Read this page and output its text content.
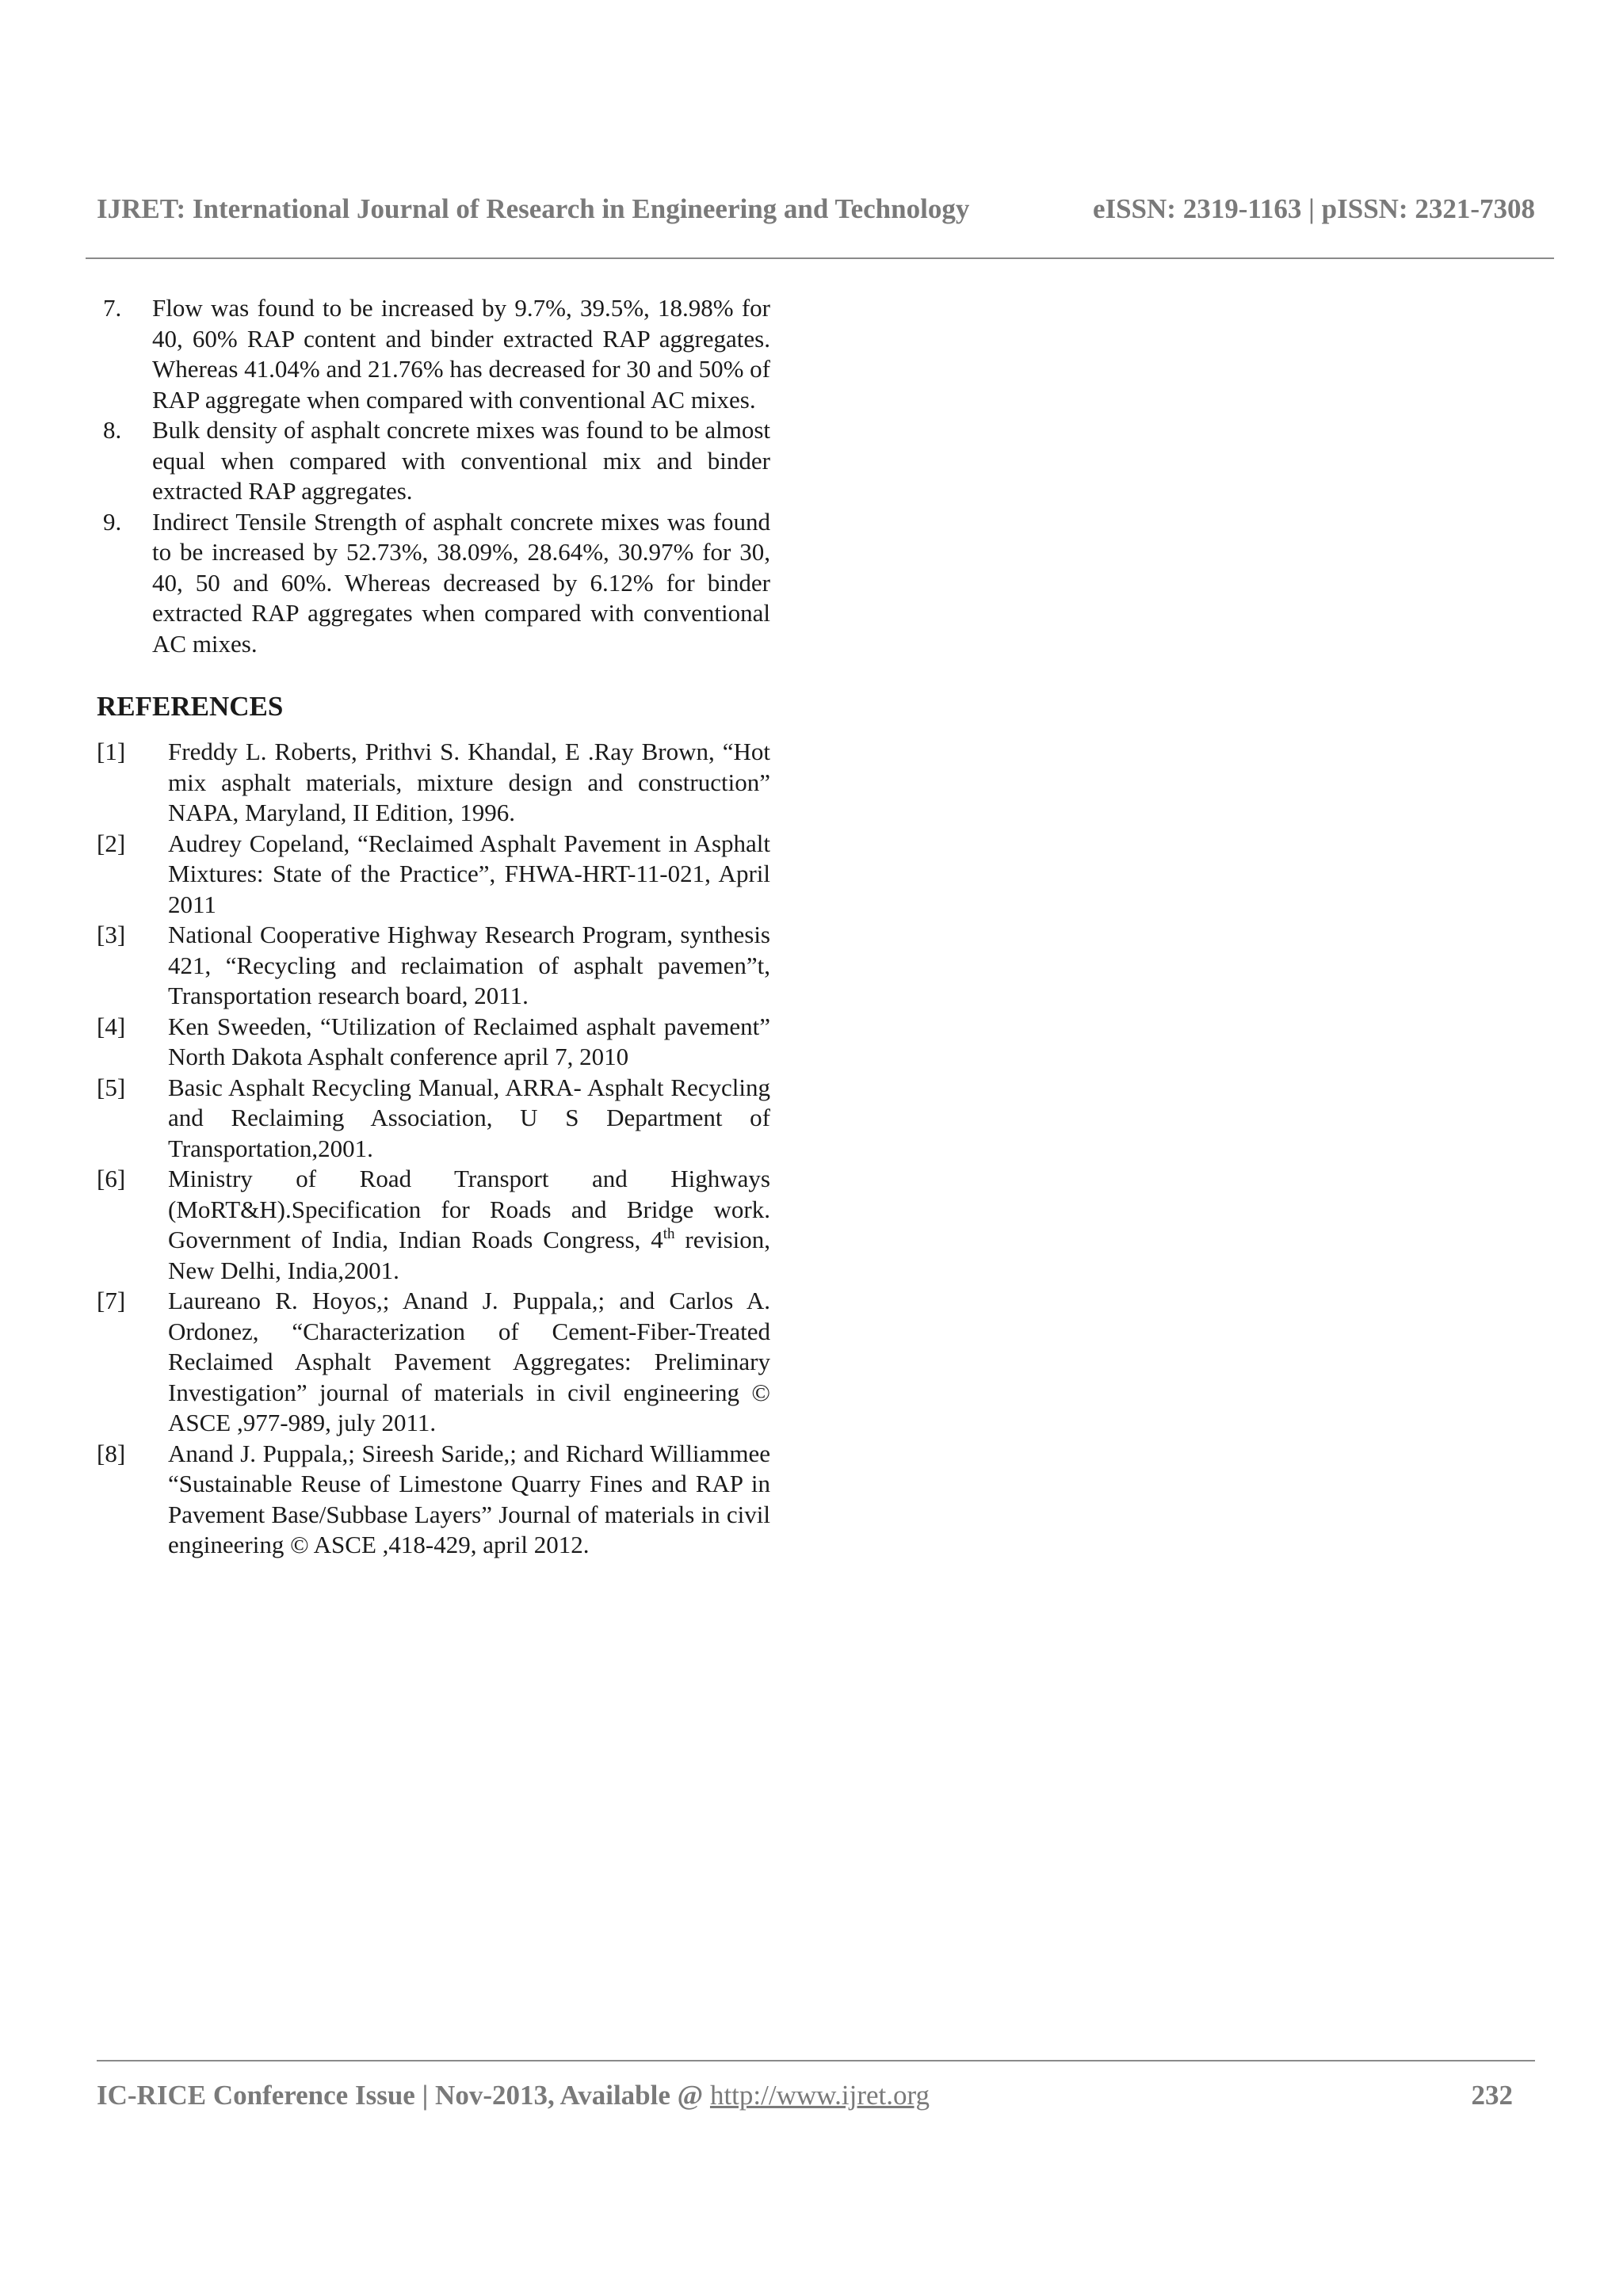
IJRET: International Journal of Research in Engineering and Technology	eISSN: 2319-1163 | pISSN: 2321-7308
7.	Flow was found to be increased by 9.7%, 39.5%, 18.98% for 40, 60% RAP content and binder extracted RAP aggregates. Whereas 41.04% and 21.76% has decreased for 30 and 50% of RAP aggregate when compared with conventional AC mixes.
8.	Bulk density of asphalt concrete mixes was found to be almost equal when compared with conventional mix and binder extracted RAP aggregates.
9.	Indirect Tensile Strength of asphalt concrete mixes was found to be increased by 52.73%, 38.09%, 28.64%, 30.97% for 30, 40, 50 and 60%. Whereas decreased by 6.12% for binder extracted RAP aggregates when compared with conventional AC mixes.
REFERENCES
[1]	Freddy L. Roberts, Prithvi S. Khandal, E .Ray Brown, “Hot mix asphalt materials, mixture design and construction” NAPA, Maryland, II Edition, 1996.
[2]	Audrey Copeland, “Reclaimed Asphalt Pavement in Asphalt Mixtures: State of the Practice”, FHWA-HRT-11-021, April 2011
[3]	National Cooperative Highway Research Program, synthesis 421, “Recycling and reclaimation of asphalt pavemen”t, Transportation research board, 2011.
[4]	Ken Sweeden, “Utilization of Reclaimed asphalt pavement” North Dakota Asphalt conference april 7, 2010
[5]	Basic Asphalt Recycling Manual, ARRA- Asphalt Recycling and Reclaiming Association, U S Department of Transportation,2001.
[6]	Ministry of Road Transport and Highways (MoRT&H).Specification for Roads and Bridge work. Government of India, Indian Roads Congress, 4th revision, New Delhi, India,2001.
[7]	Laureano R. Hoyos,; Anand J. Puppala,; and Carlos A. Ordonez, “Characterization of Cement-Fiber-Treated Reclaimed Asphalt Pavement Aggregates: Preliminary Investigation” journal of materials in civil engineering © ASCE ,977-989, july 2011.
[8]	Anand J. Puppala,; Sireesh Saride,; and Richard Williammee “Sustainable Reuse of Limestone Quarry Fines and RAP in Pavement Base/Subbase Layers” Journal of materials in civil engineering © ASCE ,418-429, april 2012.
IC-RICE Conference Issue | Nov-2013, Available @ http://www.ijret.org	232
